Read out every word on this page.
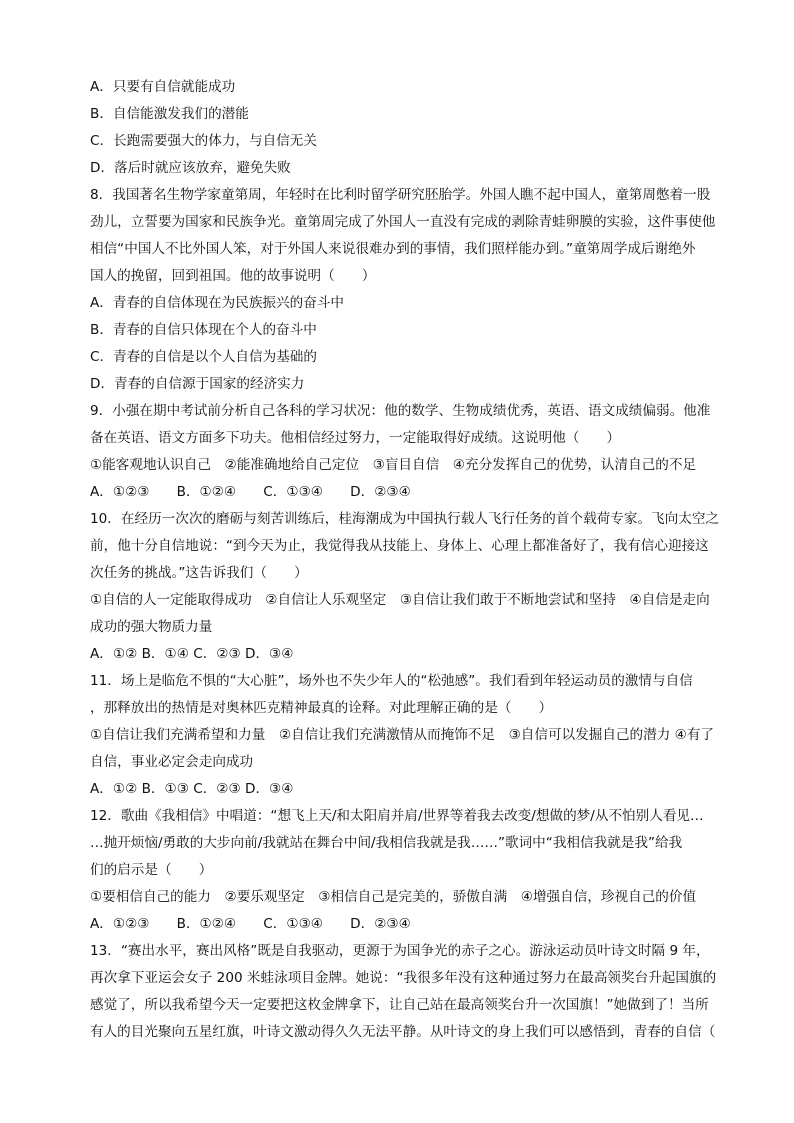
A．只要有自信就能成功
B．自信能激发我们的潜能
C．长跑需要强大的体力，与自信无关
D．落后时就应该放弃，避免失败
8．我国著名生物学家童第周，年轻时在比利时留学研究胚胎学。外国人瞧不起中国人，童第周憋着一股
劲儿，立誓要为国家和民族争光。童第周完成了外国人一直没有完成的剥除青蛙卵膜的实验，这件事使他
相信“中国人不比外国人笨，对于外国人来说很难办到的事情，我们照样能办到。”童第周学成后谢绝外
国人的挽留，回到祖国。他的故事说明（　　）
A．青春的自信体现在为民族振兴的奋斗中
B．青春的自信只体现在个人的奋斗中
C．青春的自信是以个人自信为基础的
D．青春的自信源于国家的经济实力
9．小强在期中考试前分析自己各科的学习状况：他的数学、生物成绩优秀，英语、语文成绩偏弱。他准
备在英语、语文方面多下功夫。他相信经过努力，一定能取得好成绩。这说明他（　　）
①能客观地认识自己　②能准确地给自己定位　③盲目自信　④充分发挥自己的优势，认清自己的不足
A．①②③　　B．①②④　　C．①③④　　D．②③④
10．在经历一次次的磨砺与刻苦训练后，桂海潮成为中国执行载人飞行任务的首个载荷专家。飞向太空之
前，他十分自信地说：“到今天为止，我觉得我从技能上、身体上、心理上都准备好了，我有信心迎接这
次任务的挑战。”这告诉我们（　　）
①自信的人一定能取得成功　②自信让人乐观坚定　③自信让我们敢于不断地尝试和坚持　④自信是走向
成功的强大物质力量
A．①② B．①④ C．②③ D．③④
11．场上是临危不惧的“大心脏”，场外也不失少年人的“松弛感”。我们看到年轻运动员的激情与自信
，那释放出的热情是对奥林匹克精神最真的诠释。对此理解正确的是（　　）
①自信让我们充满希望和力量　②自信让我们充满激情从而掩饰不足　③自信可以发掘自己的潜力 ④有了
自信，事业必定会走向成功
A．①② B．①③ C．②③ D．③④
12．歌曲《我相信》中唱道：“想飞上天/和太阳肩并肩/世界等着我去改变/想做的梦/从不怕别人看见…
…抛开烦恼/勇敢的大步向前/我就站在舞台中间/我相信我就是我……”歌词中“我相信我就是我”给我
们的启示是（　　）
①要相信自己的能力　②要乐观坚定　③相信自己是完美的，骄傲自满　④增强自信，珍视自己的价值
A．①②③　　B．①②④　　C．①③④　　D．②③④
13．“赛出水平，赛出风格”既是自我驱动，更源于为国争光的赤子之心。游泳运动员叶诗文时隔 9 年，
再次拿下亚运会女子 200 米蛙泳项目金牌。她说：“我很多年没有这种通过努力在最高领奖台升起国旗的
感觉了，所以我希望今天一定要把这枚金牌拿下，让自己站在最高领奖台升一次国旗！”她做到了！当所
有人的目光聚向五星红旗，叶诗文激动得久久无法平静。从叶诗文的身上我们可以感悟到，青春的自信（
